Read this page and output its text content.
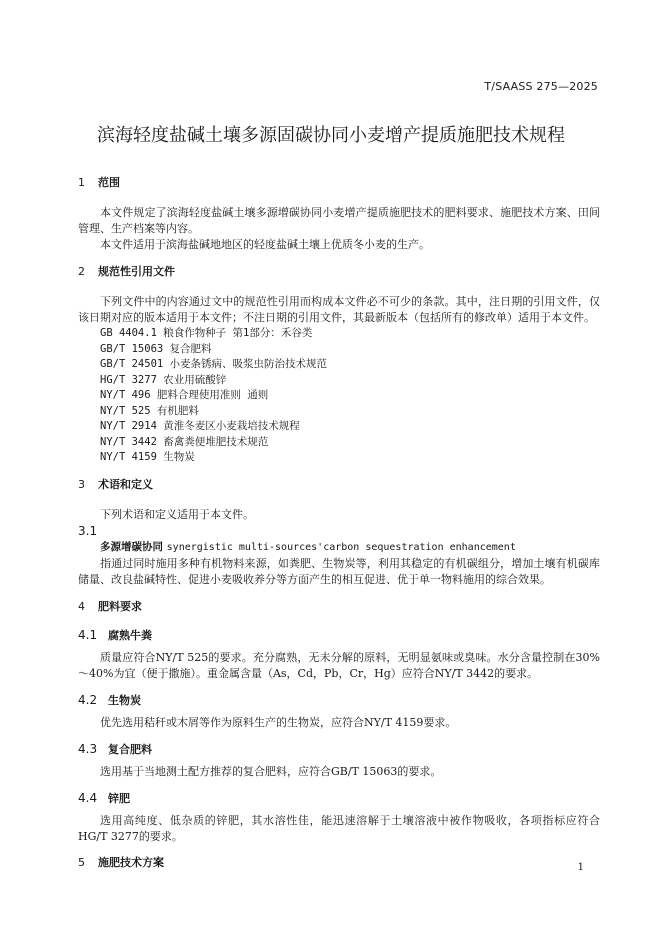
T/SAASS 275—2025
滨海轻度盐碱土壤多源固碳协同小麦增产提质施肥技术规程
1 范围

本文件规定了滨海轻度盐碱土壤多源增碳协同小麦增产提质施肥技术的肥料要求、施肥技术方案、田间管理、生产档案等内容。

本文件适用于滨海盐碱地地区的轻度盐碱土壤上优质冬小麦的生产。

2 规范性引用文件

下列文件中的内容通过文中的规范性引用而构成本文件必不可少的条款。其中，注日期的引用文件，仅该日期对应的版本适用于本文件；不注日期的引用文件，其最新版本（包括所有的修改单）适用于本文件。

GB 4404.1 粮食作物种子 第1部分：禾谷类

GB/T 15063 复合肥料

GB/T 24501 小麦条锈病、吸浆虫防治技术规范

HG/T 3277 农业用硫酸锌

NY/T 496 肥料合理使用准则 通则

NY/T 525 有机肥料

NY/T 2914 黄淮冬麦区小麦栽培技术规程

NY/T 3442 畜禽粪便堆肥技术规范

NY/T 4159 生物炭

3 术语和定义

下列术语和定义适用于本文件。

3.1

多源增碳协同 synergistic multi-sources'carbon sequestration enhancement

指通过同时施用多种有机物料来源，如粪肥、生物炭等，利用其稳定的有机碳组分，增加土壤有机碳库储量、改良盐碱特性、促进小麦吸收养分等方面产生的相互促进、优于单一物料施用的综合效果。

4 肥料要求
4.1 腐熟牛粪

质量应符合NY/T 525的要求。充分腐熟，无未分解的原料，无明显氨味或臭味。水分含量控制在30%～40%为宜（便于撒施）。重金属含量（As，Cd，Pb，Cr，Hg）应符合NY/T 3442的要求。

4.2 生物炭

优先选用秸秆或木屑等作为原料生产的生物炭，应符合NY/T 4159要求。

4.3 复合肥料

选用基于当地测土配方推荐的复合肥料，应符合GB/T 15063的要求。

4.4 锌肥

选用高纯度、低杂质的锌肥，其水溶性佳，能迅速溶解于土壤溶液中被作物吸收，各项指标应符合HG/T 3277的要求。

5 施肥技术方案	1
